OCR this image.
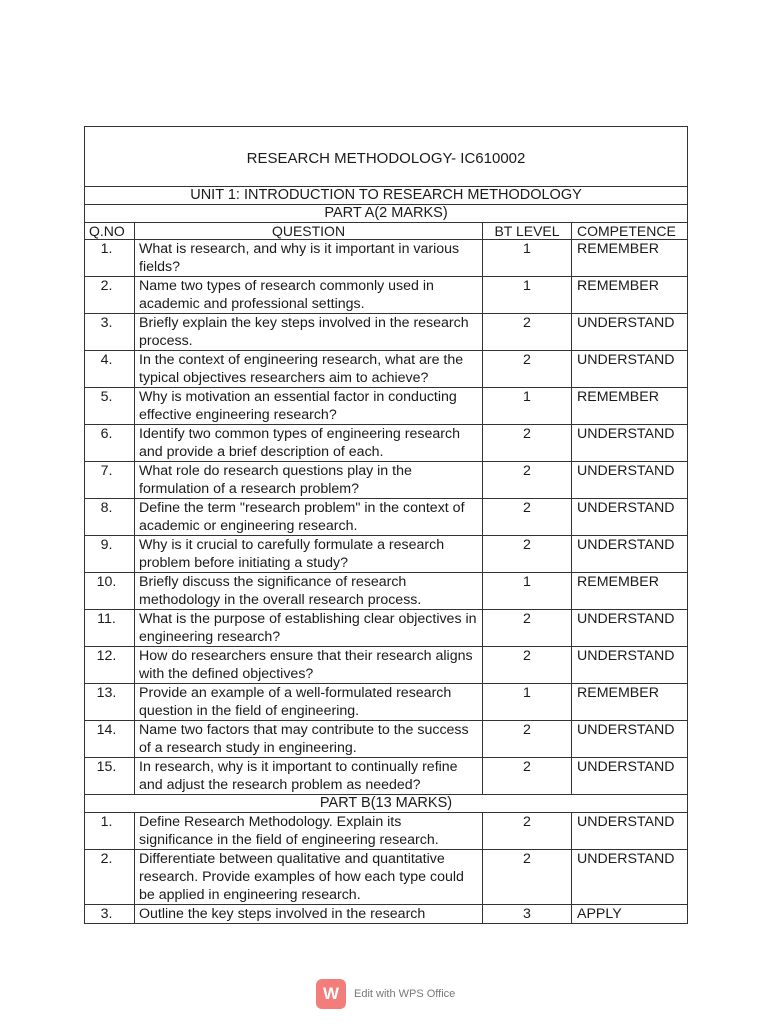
RESEARCH METHODOLOGY- IC610002			
UNIT 1: INTRODUCTION TO RESEARCH METHODOLOGY			
PART A(2 MARKS)			
Q.NO	QUESTION	BT LEVEL	COMPETENCE
1.	What is research, and why is it important in various fields?	1	REMEMBER
2.	Name two types of research commonly used in academic and professional settings.	1	REMEMBER
3.	Briefly explain the key steps involved in the research process.	2	UNDERSTAND
4.	In the context of engineering research, what are the typical objectives researchers aim to achieve?	2	UNDERSTAND
5.	Why is motivation an essential factor in conducting effective engineering research?	1	REMEMBER
6.	Identify two common types of engineering research and provide a brief description of each.	2	UNDERSTAND
7.	What role do research questions play in the formulation of a research problem?	2	UNDERSTAND
8.	Define the term "research problem" in the context of academic or engineering research.	2	UNDERSTAND
9.	Why is it crucial to carefully formulate a research problem before initiating a study?	2	UNDERSTAND
10.	Briefly discuss the significance of research methodology in the overall research process.	1	REMEMBER
11.	What is the purpose of establishing clear objectives in engineering research?	2	UNDERSTAND
12.	How do researchers ensure that their research aligns with the defined objectives?	2	UNDERSTAND
13.	Provide an example of a well-formulated research question in the field of engineering.	1	REMEMBER
14.	Name two factors that may contribute to the success of a research study in engineering.	2	UNDERSTAND
15.	In research, why is it important to continually refine and adjust the research problem as needed?	2	UNDERSTAND
PART B(13 MARKS)			
1.	Define Research Methodology. Explain its significance in the field of engineering research.	2	UNDERSTAND
2.	Differentiate between qualitative and quantitative research. Provide examples of how each type could be applied in engineering research.	2	UNDERSTAND
3.	Outline the key steps involved in the research	3	APPLY
W	Edit with WPS Office
